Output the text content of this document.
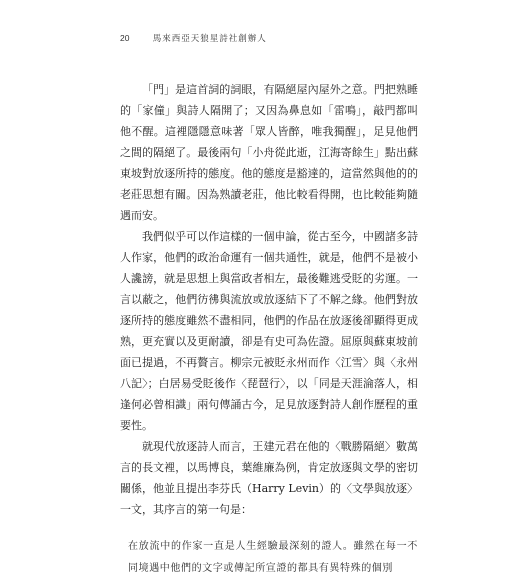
20	馬來西亞天狼星詩社創辦人

「門」是這首詞的詞眼，有隔絕屋內屋外之意。門把熟睡的「家僮」與詩人隔開了；又因為鼻息如「雷鳴」，敲門都叫他不醒。這裡隱隱意味著「眾人皆醉，唯我獨醒」，足見他們之間的隔絕了。最後兩句「小舟從此逝，江海寄餘生」點出蘇東坡對放逐所持的態度。他的態度是豁達的，這當然與他的的老莊思想有關。因為熟讀老莊，他比較看得開，也比較能夠隨遇而安。

我們似乎可以作這樣的一個申論，從古至今，中國諸多詩人作家，他們的政治命運有一個共通性，就是，他們不是被小人讒謗，就是思想上與當政者相左，最後難逃受貶的劣運。一言以蔽之，他們彷彿與流放或放逐結下了不解之緣。他們對放逐所持的態度雖然不盡相同，他們的作品在放逐後卻顯得更成熟，更充實以及更耐讀，卻是有史可為佐證。屈原與蘇東坡前面已提過，不再贅言。柳宗元被貶永州而作〈江雪〉與〈永州八記〉；白居易受貶後作〈琵琶行〉，以「同是天涯淪落人，相逢何必曾相識」兩句傳誦古今，足見放逐對詩人創作歷程的重要性。

就現代放逐詩人而言，王建元君在他的〈戰勝隔絕〉數萬言的長文裡，以馬博良，葉維廉為例，肯定放逐與文學的密切關係，他並且提出李芬氏（Harry Levin）的〈文學與放逐〉一文，其序言的第一句是：

在放流中的作家一直是人生經驗最深刻的證人。雖然在每一不同境遇中他們的文字或傳記所宣證的都具有異特殊的個別
